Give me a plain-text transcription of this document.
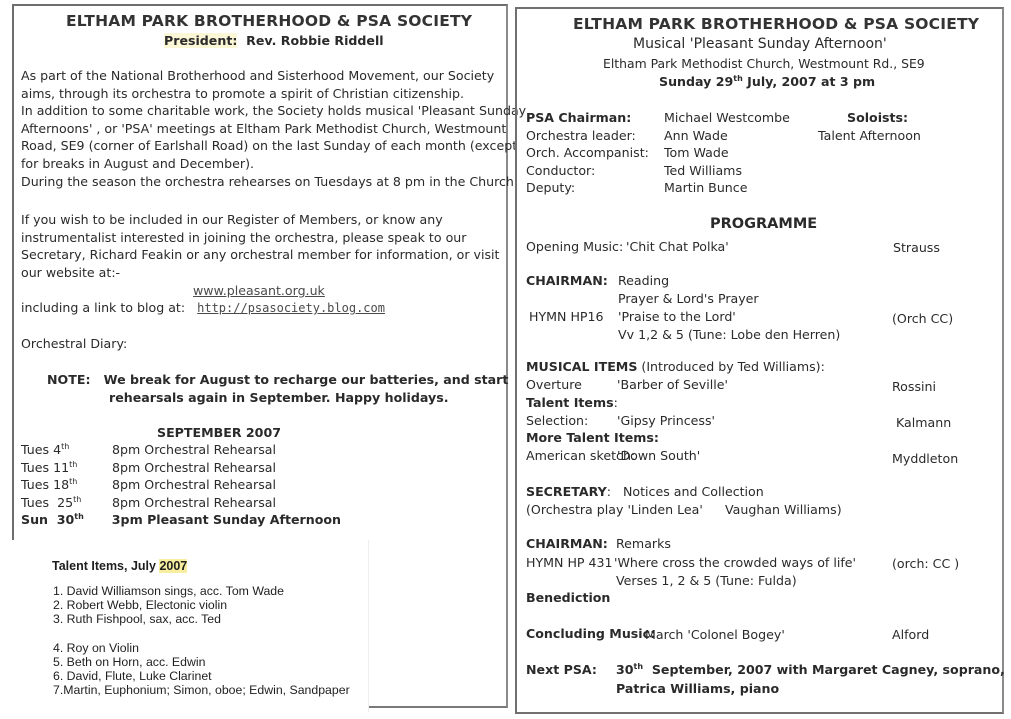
ELTHAM PARK BROTHERHOOD & PSA SOCIETY
President: Rev. Robbie Riddell
As part of the National Brotherhood and Sisterhood Movement, our Society
aims, through its orchestra to promote a spirit of Christian citizenship.
In addition to some charitable work, the Society holds musical 'Pleasant Sunday
Afternoons' , or 'PSA' meetings at Eltham Park Methodist Church, Westmount
Road, SE9 (corner of Earlshall Road) on the last Sunday of each month (except
for breaks in August and December).
During the season the orchestra rehearses on Tuesdays at 8 pm in the Church.
If you wish to be included in our Register of Members, or know any
instrumentalist interested in joining the orchestra, please speak to our
Secretary, Richard Feakin or any orchestral member for information, or visit
our website at:-
www.pleasant.org.uk
including a link to blog at: http://psasociety.blog.com
Orchestral Diary:
NOTE: We break for August to recharge our batteries, and start
rehearsals again in September. Happy holidays.
SEPTEMBER 2007
Tues 4th	8pm Orchestral Rehearsal
Tues 11th	8pm Orchestral Rehearsal
Tues 18th	8pm Orchestral Rehearsal
Tues  25th	8pm Orchestral Rehearsal
Sun  30th	3pm Pleasant Sunday Afternoon
Talent Items, July 2007
1. David Williamson sings, acc. Tom Wade
2. Robert Webb, Electonic violin
3. Ruth Fishpool, sax, acc. Ted
4. Roy on Violin
5. Beth on Horn, acc. Edwin
6. David, Flute, Luke Clarinet
7.Martin, Euphonium; Simon, oboe; Edwin, Sandpaper
ELTHAM PARK BROTHERHOOD & PSA SOCIETY
Musical 'Pleasant Sunday Afternoon'
Eltham Park Methodist Church, Westmount Rd., SE9
Sunday 29th July, 2007 at 3 pm
PSA Chairman:	Michael Westcombe
Orchestra leader:	Ann Wade
Orch. Accompanist:	Tom Wade
Conductor:	Ted Williams
Deputy:	Martin Bunce
Soloists:
Talent Afternoon
PROGRAMME
Opening Music: 'Chit Chat Polka'	Strauss
CHAIRMAN: Reading
Prayer & Lord's Prayer
HYMN HP16 'Praise to the Lord'	(Orch CC)
Vv 1,2 & 5 (Tune: Lobe den Herren)
MUSICAL ITEMS (Introduced by Ted Williams):
Overture	'Barber of Seville'	Rossini
Talent Items:
Selection: 'Gipsy Princess'	Kalmann
More Talent Items:
American sketch:
'Down South'	Myddleton
SECRETARY:   Notices and Collection
(Orchestra play 'Linden Lea' Vaughan Williams)
CHAIRMAN: Remarks
HYMN HP 431 'Where cross the crowded ways of life'	(orch: CC )
Verses 1, 2 & 5 (Tune: Fulda)
Benediction
Concluding Music:
March 'Colonel Bogey'	Alford
Next PSA: 30th  September, 2007 with Margaret Cagney, soprano,
Patrica Williams, piano
